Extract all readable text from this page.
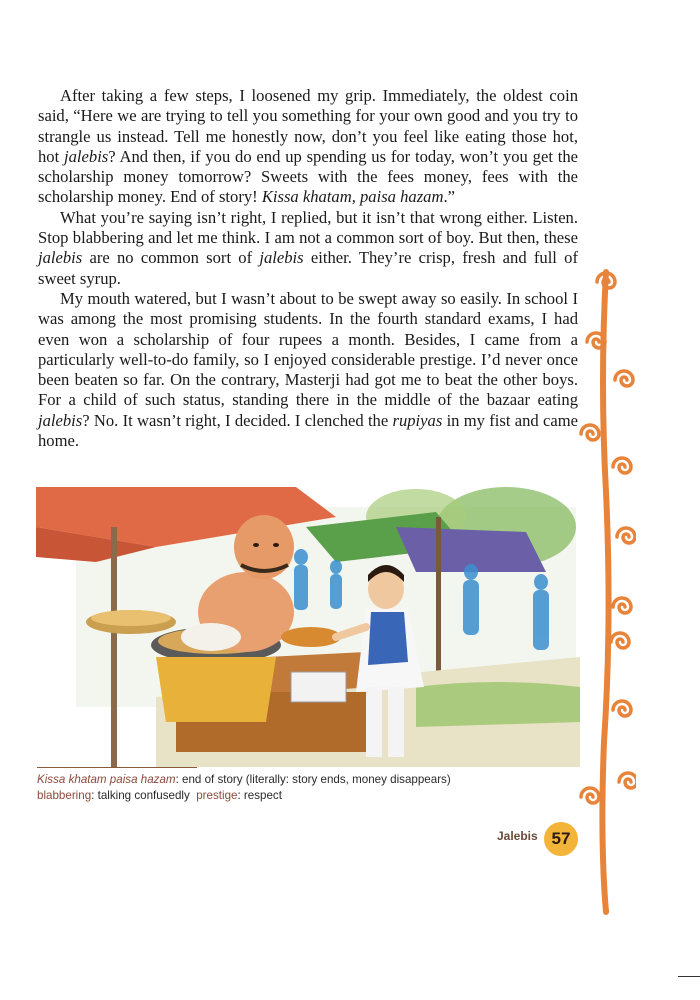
After taking a few steps, I loosened my grip. Immediately, the oldest coin said, “Here we are trying to tell you something for your own good and you try to strangle us instead. Tell me honestly now, don’t you feel like eating those hot, hot jalebis? And then, if you do end up spending us for today, won’t you get the scholarship money tomorrow? Sweets with the fees money, fees with the scholarship money. End of story! Kissa khatam, paisa hazam.”

What you’re saying isn’t right, I replied, but it isn’t that wrong either. Listen. Stop blabbering and let me think. I am not a common sort of boy. But then, these jalebis are no common sort of jalebis either. They’re crisp, fresh and full of sweet syrup.

My mouth watered, but I wasn’t about to be swept away so easily. In school I was among the most promising students. In the fourth standard exams, I had even won a scholarship of four rupees a month. Besides, I came from a particularly well-to-do family, so I enjoyed considerable prestige. I’d never once been beaten so far. On the contrary, Masterji had got me to beat the other boys. For a child of such status, standing there in the middle of the bazaar eating jalebis? No. It wasn’t right, I decided. I clenched the rupiyas in my fist and came home.

Kissa khatam paisa hazam: end of story (literally: story ends, money disappears)
blabbering: talking confusedly prestige: respect
Jalebis 57
